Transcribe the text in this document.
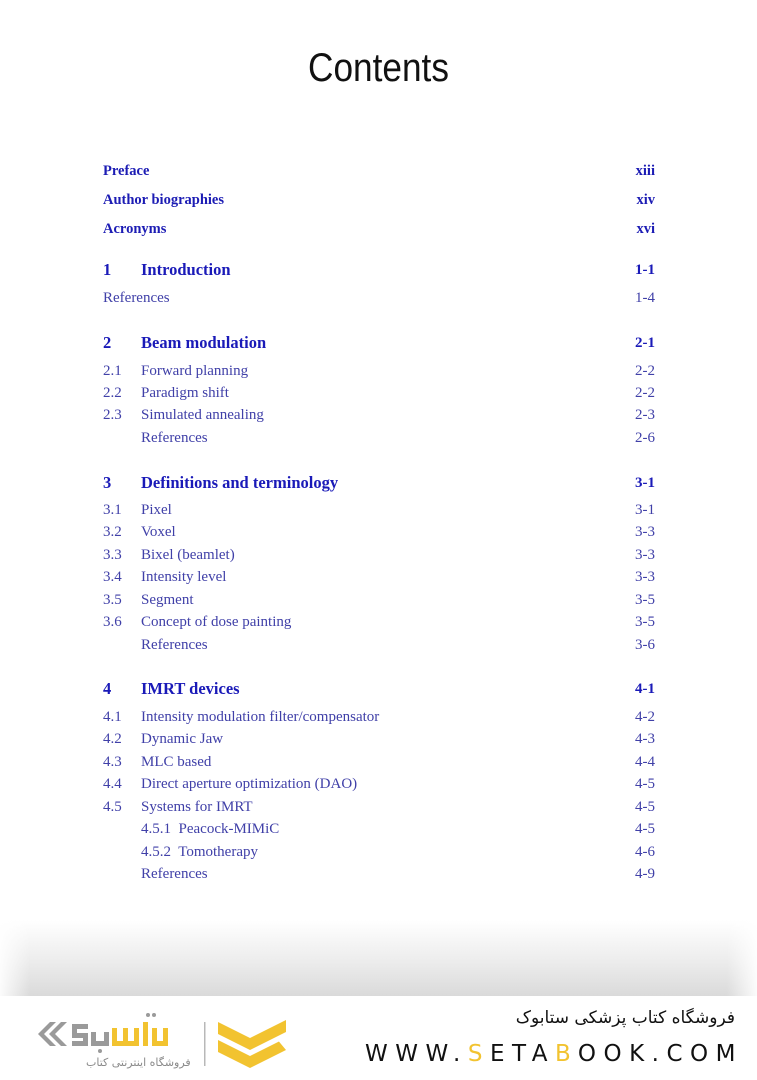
Contents
Preface	xiii
Author biographies	xiv
Acronyms	xvi
1 Introduction	1-1
References	1-4
2 Beam modulation	2-1
2.1 Forward planning	2-2
2.2 Paradigm shift	2-2
2.3 Simulated annealing	2-3
References	2-6
3 Definitions and terminology	3-1
3.1 Pixel	3-1
3.2 Voxel	3-3
3.3 Bixel (beamlet)	3-3
3.4 Intensity level	3-3
3.5 Segment	3-5
3.6 Concept of dose painting	3-5
References	3-6
4 IMRT devices	4-1
4.1 Intensity modulation filter/compensator	4-2
4.2 Dynamic Jaw	4-3
4.3 MLC based	4-4
4.4 Direct aperture optimization (DAO)	4-5
4.5 Systems for IMRT	4-5
4.5.1  Peacock-MIMiC	4-5
4.5.2  Tomotherapy	4-6
References	4-9
فروشگاه اینترنتی کتاب
فروشگاه کتاب پزشکی ستابوک
WWW.SETABOOK.COM
